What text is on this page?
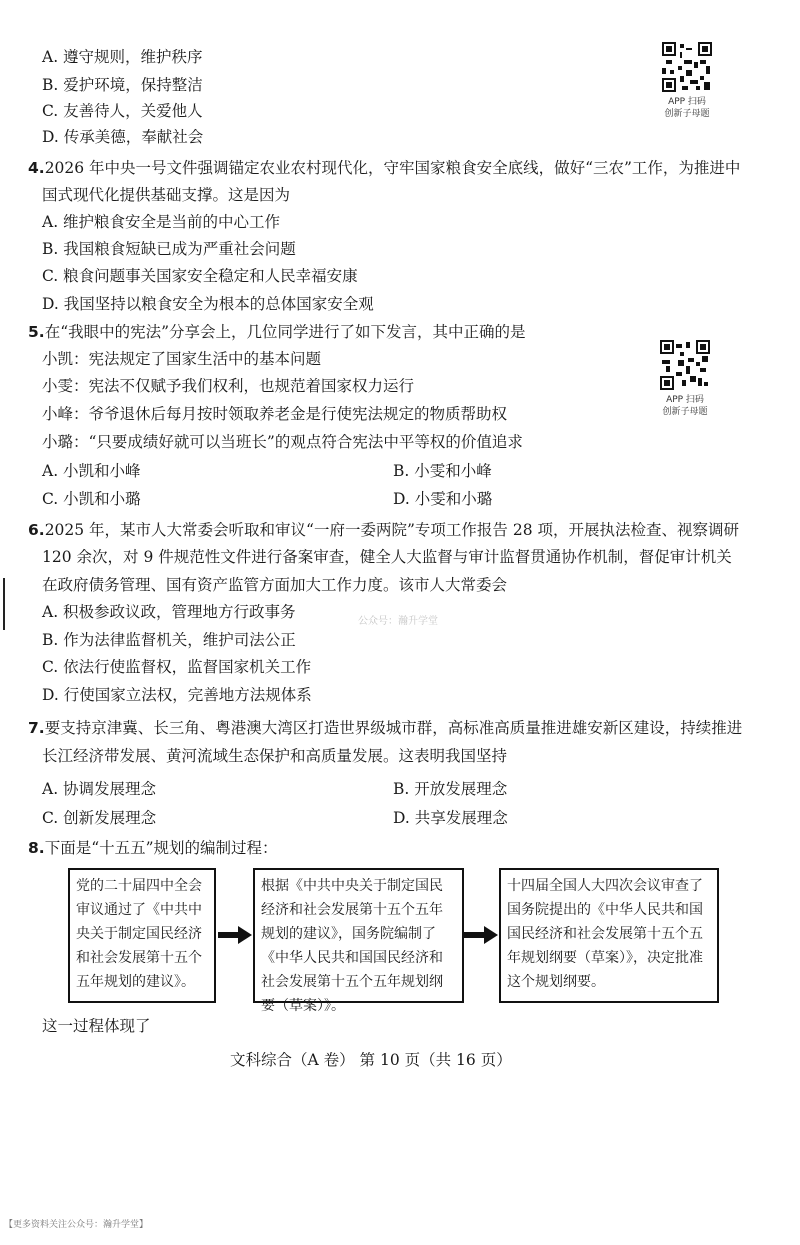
A. 遵守规则，维护秩序
B. 爱护环境，保持整洁
C. 友善待人，关爱他人
D. 传承美德，奉献社会
APP 扫码
创新子母题
4.2026 年中央一号文件强调锚定农业农村现代化，守牢国家粮食安全底线，做好“三农”工作，为推进中
国式现代化提供基础支撑。这是因为
A. 维护粮食安全是当前的中心工作
B. 我国粮食短缺已成为严重社会问题
C. 粮食问题事关国家安全稳定和人民幸福安康
D. 我国坚持以粮食安全为根本的总体国家安全观
5.在“我眼中的宪法”分享会上，几位同学进行了如下发言，其中正确的是
小凯：宪法规定了国家生活中的基本问题
小雯：宪法不仅赋予我们权利，也规范着国家权力运行
小峰：爷爷退休后每月按时领取养老金是行使宪法规定的物质帮助权
小璐：“只要成绩好就可以当班长”的观点符合宪法中平等权的价值追求
A. 小凯和小峰	B. 小雯和小峰
C. 小凯和小璐	D. 小雯和小璐
APP 扫码
创新子母题
6.2025 年，某市人大常委会听取和审议“一府一委两院”专项工作报告 28 项，开展执法检查、视察调研
120 余次，对 9 件规范性文件进行备案审查，健全人大监督与审计监督贯通协作机制，督促审计机关
在政府债务管理、国有资产监管方面加大工作力度。该市人大常委会
A. 积极参政议政，管理地方行政事务
B. 作为法律监督机关，维护司法公正
C. 依法行使监督权，监督国家机关工作
D. 行使国家立法权，完善地方法规体系
公众号：瀚升学堂
7.要支持京津冀、长三角、粤港澳大湾区打造世界级城市群，高标准高质量推进雄安新区建设，持续推进
长江经济带发展、黄河流域生态保护和高质量发展。这表明我国坚持
A. 协调发展理念	B. 开放发展理念
C. 创新发展理念	D. 共享发展理念
8.下面是“十五五”规划的编制过程：
党的二十届四中全会审议通过了《中共中央关于制定国民经济和社会发展第十五个五年规划的建议》。
根据《中共中央关于制定国民经济和社会发展第十五个五年规划的建议》，国务院编制了《中华人民共和国国民经济和社会发展第十五个五年规划纲要（草案）》。
十四届全国人大四次会议审查了国务院提出的《中华人民共和国国民经济和社会发展第十五个五年规划纲要（草案）》，决定批准这个规划纲要。
这一过程体现了
文科综合（A 卷） 第 10 页（共 16 页）
【更多资料关注公众号：瀚升学堂】
